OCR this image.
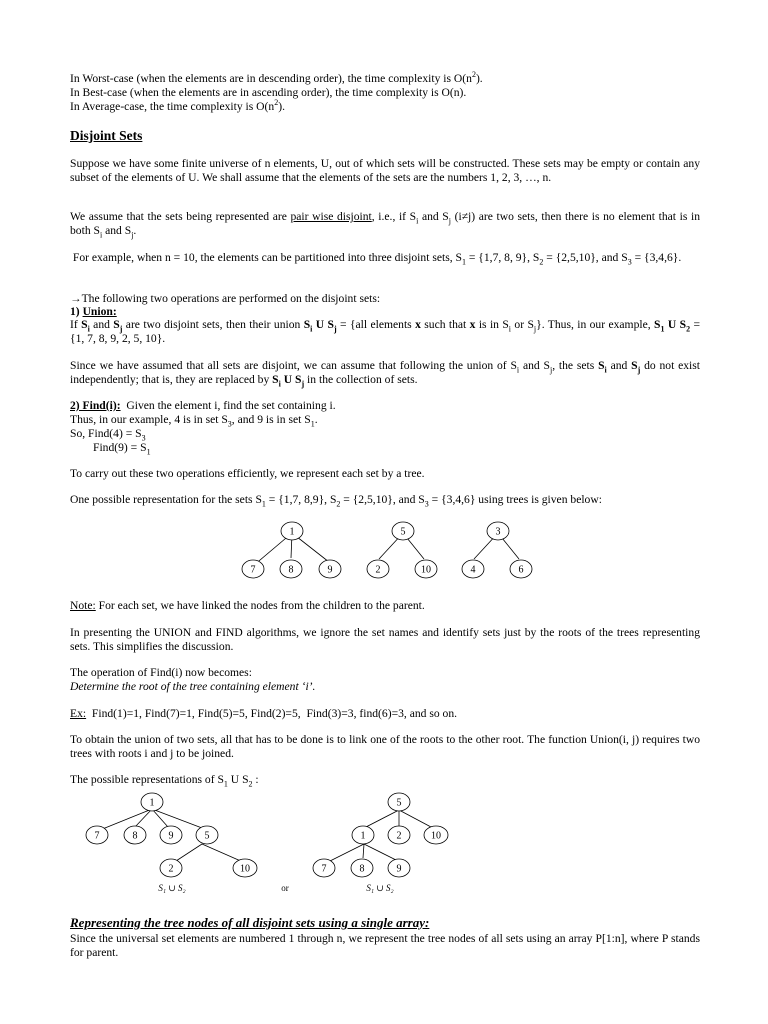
In Worst-case (when the elements are in descending order), the time complexity is $O(n^2)$.
In Best-case (when the elements are in ascending order), the time complexity is O(n).
In Average-case, the time complexity is $O(n^2)$.
Disjoint Sets
Suppose we have some finite universe of n elements, U, out of which sets will be constructed. These sets may be empty or contain any subset of the elements of U. We shall assume that the elements of the sets are the numbers 1, 2, 3, …, n.
We assume that the sets being represented are pair wise disjoint, i.e., if $S_i$ and $S_j$ (i≠j) are two sets, then there is no element that is in both $S_i$ and $S_j$.
For example, when n = 10, the elements can be partitioned into three disjoint sets, $S_1 = \{1,7$, 8, 9}, $S_2 = \{2,5,10\}$, and $S_3 = \{3,4,6\}$.
→The following two operations are performed on the disjoint sets:
1) Union:
If $S_i$ and $S_j$ are two disjoint sets, then their union $S_i$ U $S_j = \{all$ elements x such that x is in $S_i$ or $S_j$}. Thus, in our example, $S_1$ U $S_2 = \{1$, 7, 8, 9, 2, 5, 10}.
Since we have assumed that all sets are disjoint, we can assume that following the union of $S_i$ and $S_j$, the sets $S_i$ and $S_j$ do not exist independently; that is, they are replaced by $S_i$ U $S_j$ in the collection of sets.
2) Find(i):  Given the element i, find the set containing i.
Thus, in our example, 4 is in set $S_3$, and 9 is in set $S_1$.
So, Find(4) = $S_3$
Find(9) = $S_1$
To carry out these two operations efficiently, we represent each set by a tree.
One possible representation for the sets $S_1 = \{1,7$, 8,9}, $S_2 = \{2,5,10\}$, and $S_3 = \{3,4,6\}$ using trees is given below:
1
7	8	9
5
2	10
3
4	6
Note: For each set, we have linked the nodes from the children to the parent.
In presenting the UNION and FIND algorithms, we ignore the set names and identify sets just by the roots of the trees representing sets. This simplifies the discussion.
The operation of Find(i) now becomes:
Determine the root of the tree containing element ‘i’.
Ex:  Find(1)=1, Find(7)=1, Find(5)=5, Find(2)=5,  Find(3)=3, find(6)=3, and so on.
To obtain the union of two sets, all that has to be done is to link one of the roots to the other root. The function Union(i, j) requires two trees with roots i and j to be joined.
The possible representations of $S_1$ U $S_2$ :
1
7	8	9	5
2	10
5
1	2	10
7	8	9
S₁ ∪ S₂	or	S₁ ∪ S₂
Representing the tree nodes of all disjoint sets using a single array:
Since the universal set elements are numbered 1 through n, we represent the tree nodes of all sets using an array P[1:n], where P stands for parent.
